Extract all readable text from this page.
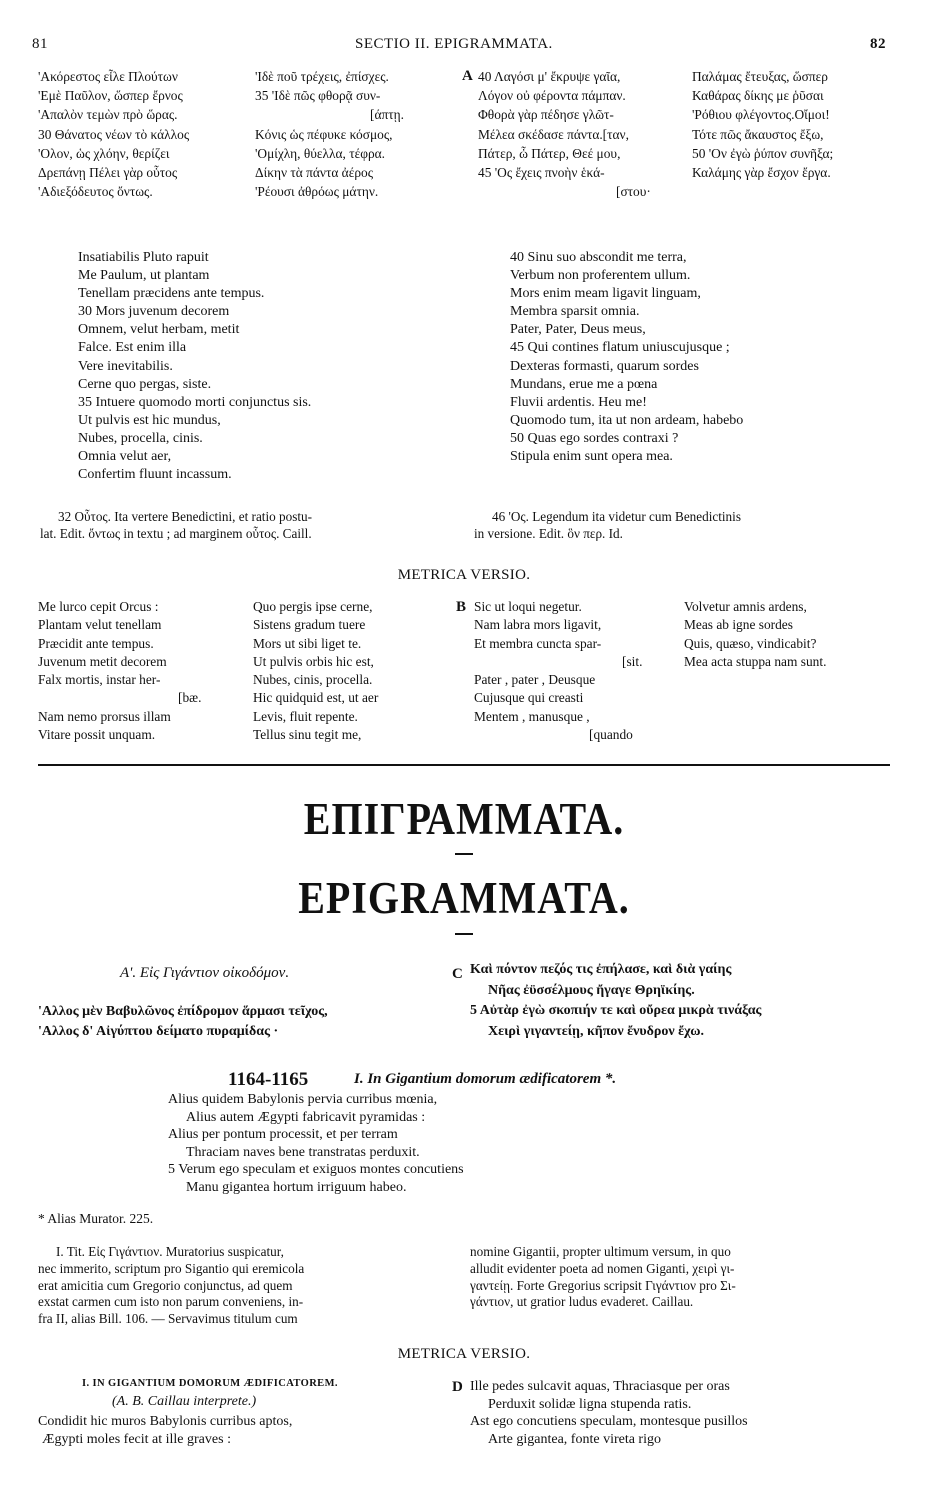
81	SECTIO II. EPIGRAMMATA.	82
'Ακόρεστος εἷλε Πλούτων
'Εμὲ Παῦλον, ὥσπερ ἔρνος
'Απαλὸν τεμὼν πρὸ ὥρας.
30 Θάνατος νέων τὸ κάλλος
'Ολον, ὡς χλόην, θερίζει
Δρεπάνῃ Πέλει γὰρ οὗτος
'Αδιεξόδευτος ὄντως.
'Ιδὲ ποῦ τρέχεις, ἐπίσχες.
35 'Ιδὲ πῶς φθορᾷ συν-
[άπτῃ.
Κόνις ὡς πέφυκε κόσμος,
'Ομίχλη, θύελλα, τέφρα.
Δίκην τὰ πάντα ἀέρος
'Ρέουσι ἀθρόως μάτην.
A 40 Λαγόσι μ' ἔκρυψε γαῖα,
Λόγον οὐ φέροντα πάμπαν.
Φθορὰ γὰρ πέδησε γλῶτ-
Μέλεα σκέδασε πάντα.[ταν,
Πάτερ, ὦ Πάτερ, Θεέ μου,
45 'Ος ἔχεις πνοὴν ἑκά-
[στου·
Παλάμας ἔτευξας, ὥσπερ
Καθάρας δίκης με ῥῦσαι
'Ρόθιου φλέγοντος.Οἴμοι!
Τότε πῶς ἄκαυστος ἔξω,
50 'Ον ἐγὼ ῥύπον συνῆξα;
Καλάμης γὰρ ἔσχον ἔργα.
Insatiabilis Pluto rapuit
Me Paulum, ut plantam
Tenellam præcidens ante tempus.
30 Mors juvenum decorem
Omnem, velut herbam, metit
Falce. Est enim illa
Vere inevitabilis.
Cerne quo pergas, siste.
35 Intuere quomodo morti conjunctus sis.
Ut pulvis est hic mundus,
Nubes, procella, cinis.
Omnia velut aer,
Confertim fluunt incassum.
40 Sinu suo abscondit me terra,
Verbum non proferentem ullum.
Mors enim meam ligavit linguam,
Membra sparsit omnia.
Pater, Pater, Deus meus,
45 Qui contines flatum uniuscujusque ;
Dexteras formasti, quarum sordes
Mundans, erue me a pœna
Fluvii ardentis. Heu me!
Quomodo tum, ita ut non ardeam, habebo
50 Quas ego sordes contraxi ?
Stipula enim sunt opera mea.
32 Οὗτος. Ita vertere Benedictini, et ratio postu-
lat. Edit. ὄντως in textu ; ad marginem οὗτος. Caill.
46 'Ος. Legendum ita videtur cum Benedictinis
in versione. Edit. ὃν περ. Id.
METRICA VERSIO.
Me lurco cepit Orcus :
Plantam velut tenellam
Præcidit ante tempus.
Juvenum metit decorem
Falx mortis, instar her-
[bæ.
Nam nemo prorsus illam
Vitare possit unquam.
Quo pergis ipse cerne,
Sistens gradum tuere
Mors ut sibi liget te.
Ut pulvis orbis hic est,
Nubes, cinis, procella.
Hic quidquid est, ut aer
Levis, fluit repente.
Tellus sinu tegit me,
B Sic ut loqui negetur.
Nam labra mors ligavit,
Et membra cuncta spar-
[sit.
Pater , pater , Deusque
Cujusque qui creasti
Mentem , manusque ,
[quando
Volvetur amnis ardens,
Meas ab igne sordes
Quis, quæso, vindicabit?
Mea acta stuppa nam sunt.
ΕΠΙΓΡΑΜΜΑΤΑ.
EPIGRAMMATA.
Α'. Εἰς Γιγάντιον οἰκοδόμον.
'Αλλος μὲν Βαβυλῶνος ἐπίδρομον ἅρμασι τεῖχος,
'Αλλος δ' Αἰγύπτου δείματο πυραμίδας ·
C Καὶ πόντον πεζός τις ἐπήλασε, καὶ διὰ γαίης
Νῆας ἐϋσσέλμους ἤγαγε Θρηϊκίης.
5 Αὐτὰρ ἐγὼ σκοπιήν τε καὶ οὔρεα μικρὰ τινάξας
Χειρὶ γιγαντείῃ, κῆπον ἔνυδρον ἔχω.
1164-1165	I. In Gigantium domorum ædificatorem *.
Alius quidem Babylonis pervia curribus mœnia,
Alius autem Ægypti fabricavit pyramidas :
Alius per pontum processit, et per terram
Thraciam naves bene transtratas perduxit.
5 Verum ego speculam et exiguos montes concutiens
Manu gigantea hortum irriguum habeo.
* Alias Murator. 225.
I. Tit. Εἰς Γιγάντιον. Muratorius suspicatur,
nec immerito, scriptum pro Sigantio qui eremicola
erat amicitia cum Gregorio conjunctus, ad quem
exstat carmen cum isto non parum conveniens, in-
fra II, alias Bill. 106. — Servavimus titulum cum
nomine Gigantii, propter ultimum versum, in quo
alludit evidenter poeta ad nomen Giganti, χειρὶ γι-
γαντείῃ. Forte Gregorius scripsit Γιγάντιον pro Σι-
γάντιον, ut gratior ludus evaderet. Caillau.
METRICA VERSIO.
I. IN GIGANTIUM DOMORUM ÆDIFICATOREM.
(A. B. Caillau interprete.)
Condidit hic muros Babylonis curribus aptos,
Ægypti moles fecit at ille graves :
D Ille pedes sulcavit aquas, Thraciasque per oras
Perduxit solidæ ligna stupenda ratis.
Ast ego concutiens speculam, montesque pusillos
Arte gigantea, fonte vireta rigo
